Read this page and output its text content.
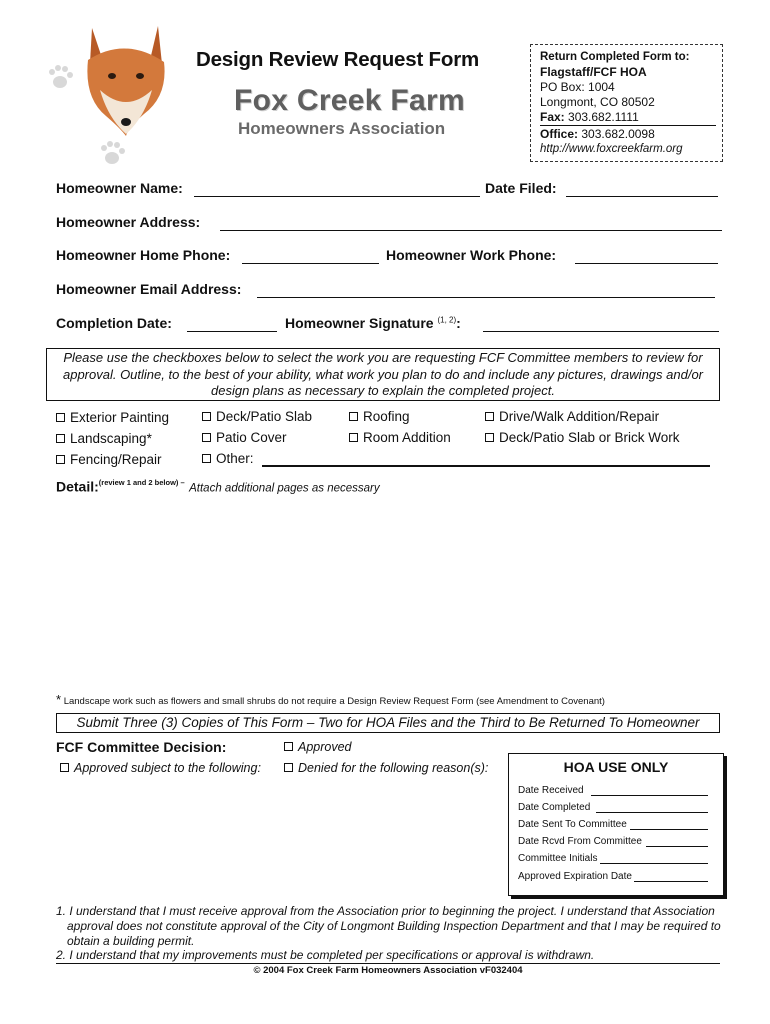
Design Review Request Form
Fox Creek Farm
Homeowners Association
Return Completed Form to:
Flagstaff/FCF HOA
PO Box: 1004
Longmont, CO 80502
Fax: 303.682.1111
Office: 303.682.0098
http://www.foxcreekfarm.org
Homeowner Name:	Date Filed:
Homeowner Address:
Homeowner Home Phone:	Homeowner Work Phone:
Homeowner Email Address:
Completion Date:	Homeowner Signature $^{(1, 2)}$:
Please use the checkboxes below to select the work you are requesting FCF Committee members to review for approval. Outline, to the best of your ability, what work you plan to do and include any pictures, drawings and/or design plans as necessary to explain the completed project.
Exterior Painting
Landscaping*
Fencing/Repair
Deck/Patio Slab
Patio Cover
Other:
Roofing
Room Addition
Drive/Walk Addition/Repair
Deck/Patio Slab or Brick Work
Detail:$^{(review 1 and 2 below) -}$ Attach additional pages as necessary
* Landscape work such as flowers and small shrubs do not require a Design Review Request Form (see Amendment to Covenant)
Submit Three (3) Copies of This Form – Two for HOA Files and the Third to Be Returned To Homeowner
FCF Committee Decision:	Approved
Approved subject to the following:	Denied for the following reason(s):	HOA USE ONLY
Date Received
Date Completed
Date Sent To Committee
Date Rcvd From Committee
Committee Initials
Approved Expiration Date
1. I understand that I must receive approval from the Association prior to beginning the project. I understand that Association approval does not constitute approval of the City of Longmont Building Inspection Department and that I may be required to obtain a building permit.
2. I understand that my improvements must be completed per specifications or approval is withdrawn.
© 2004 Fox Creek Farm Homeowners Association vF032404
